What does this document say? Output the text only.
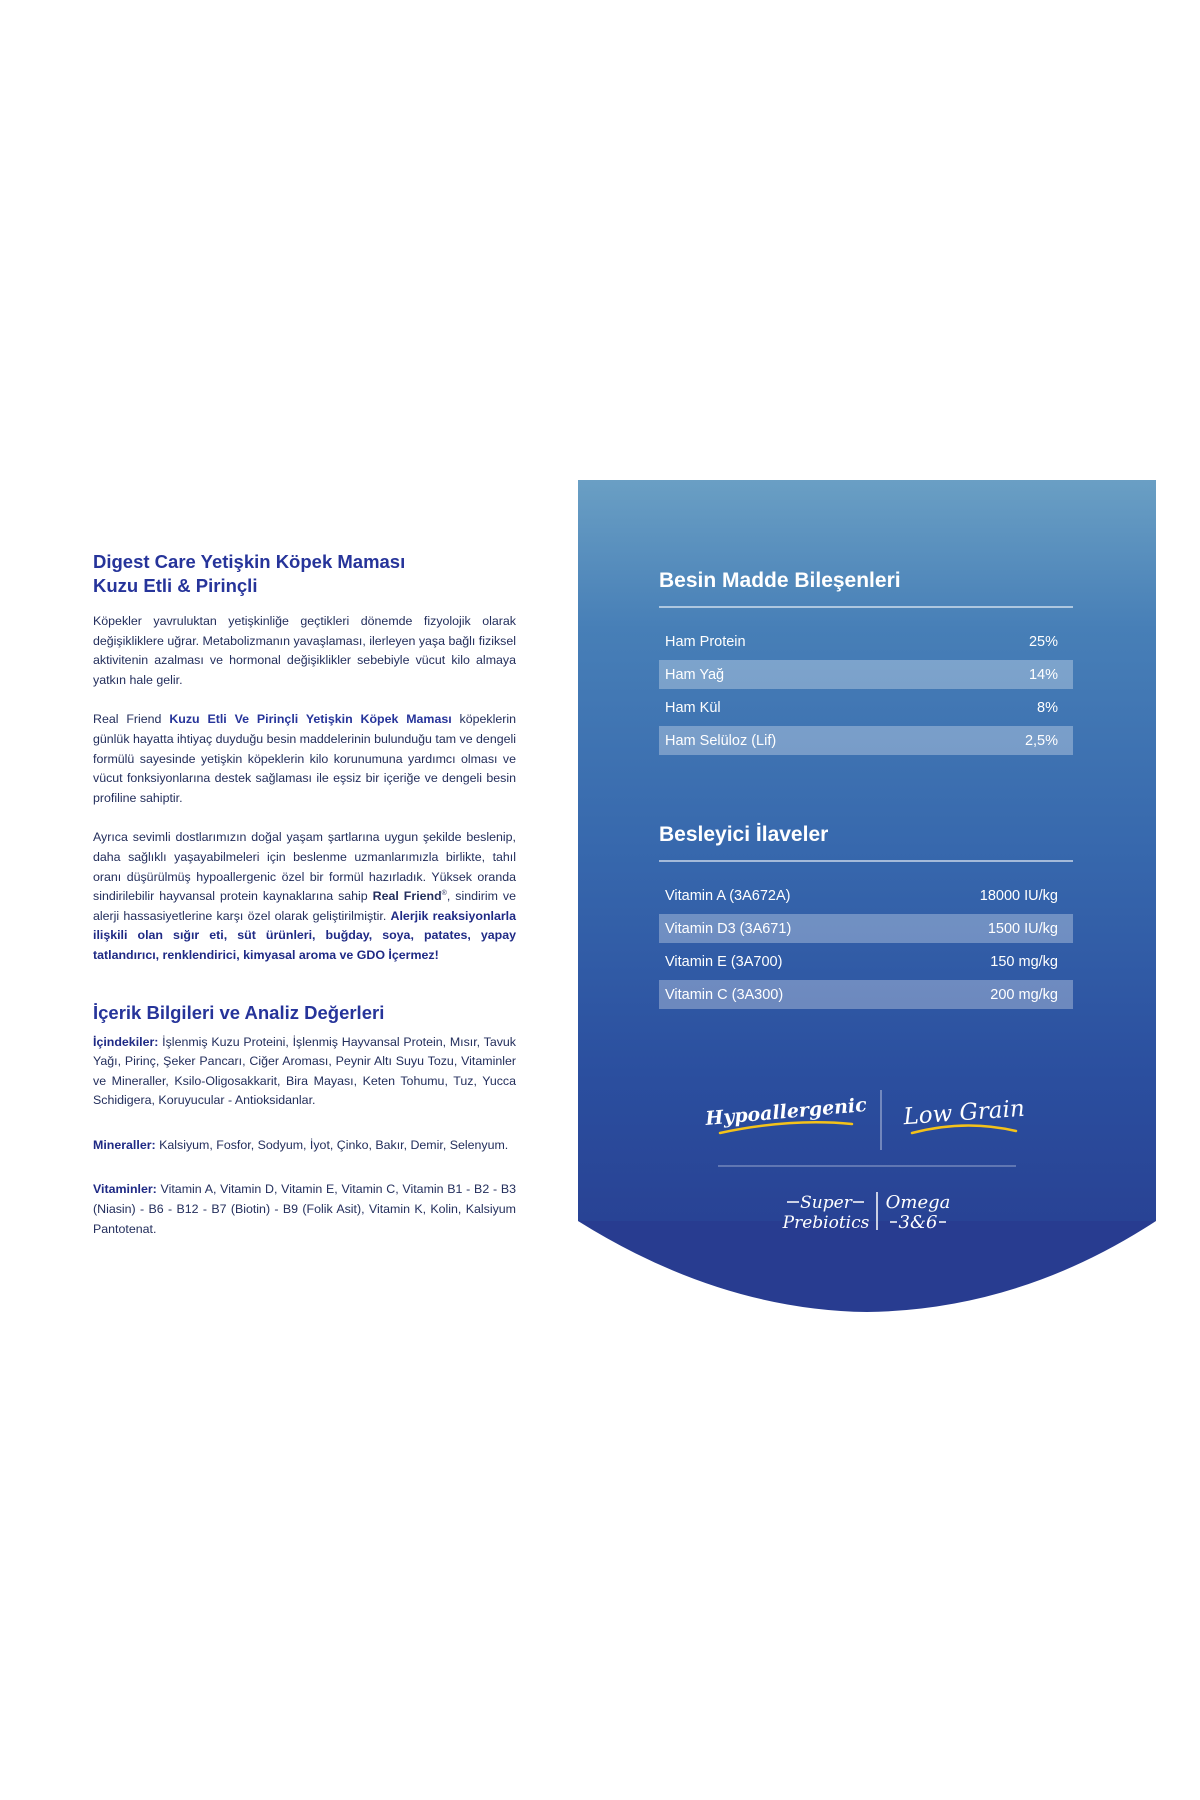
Digest Care Yetişkin Köpek Maması
Kuzu Etli & Pirinçli

Köpekler yavruluktan yetişkinliğe geçtikleri dönemde fizyolojik olarak değişikliklere uğrar. Metabolizmanın yavaşlaması, ilerleyen yaşa bağlı fiziksel aktivitenin azalması ve hormonal değişiklikler sebebiyle vücut kilo almaya yatkın hale gelir.

Real Friend Kuzu Etli Ve Pirinçli Yetişkin Köpek Maması köpeklerin günlük hayatta ihtiyaç duyduğu besin maddelerinin bulunduğu tam ve dengeli formülü sayesinde yetişkin köpeklerin kilo korunumuna yardımcı olması ve vücut fonksiyonlarına destek sağlaması ile eşsiz bir içeriğe ve dengeli besin profiline sahiptir.

Ayrıca sevimli dostlarımızın doğal yaşam şartlarına uygun şekilde beslenip, daha sağlıklı yaşayabilmeleri için beslenme uzmanlarımızla birlikte, tahıl oranı düşürülmüş hypoallergenic özel bir formül hazırladık. Yüksek oranda sindirilebilir hayvansal protein kaynaklarına sahip Real Friend®, sindirim ve alerji hassasiyetlerine karşı özel olarak geliştirilmiştir. Alerjik reaksiyonlarla ilişkili olan sığır eti, süt ürünleri, buğday, soya, patates, yapay tatlandırıcı, renklendirici, kimyasal aroma ve GDO İçermez!

İçerik Bilgileri ve Analiz Değerleri

İçindekiler: İşlenmiş Kuzu Proteini, İşlenmiş Hayvansal Protein, Mısır, Tavuk Yağı, Pirinç, Şeker Pancarı, Ciğer Aroması, Peynir Altı Suyu Tozu, Vitaminler ve Mineraller, Ksilo-Oligosakkarit, Bira Mayası, Keten Tohumu, Tuz, Yucca Schidigera, Koruyucular - Antioksidanlar.

Mineraller: Kalsiyum, Fosfor, Sodyum, İyot, Çinko, Bakır, Demir, Selenyum.

Vitaminler: Vitamin A, Vitamin D, Vitamin E, Vitamin C, Vitamin B1 - B2 - B3 (Niasin) - B6 - B12 - B7 (Biotin) - B9 (Folik Asit), Vitamin K, Kolin, Kalsiyum Pantotenat.

Besin Madde Bileşenleri
Ham Protein	25%
Ham Yağ	14%
Ham Kül	8%
Ham Selüloz (Lif)	2,5%
Besleyici İlaveler
Vitamin A (3A672A)	18000 IU/kg
Vitamin D3 (3A671)	1500 IU/kg
Vitamin E (3A700)	150 mg/kg
Vitamin C (3A300)	200 mg/kg
Hypoallergenic Low Grain
Super
Prebiotics
Omega
3&6
